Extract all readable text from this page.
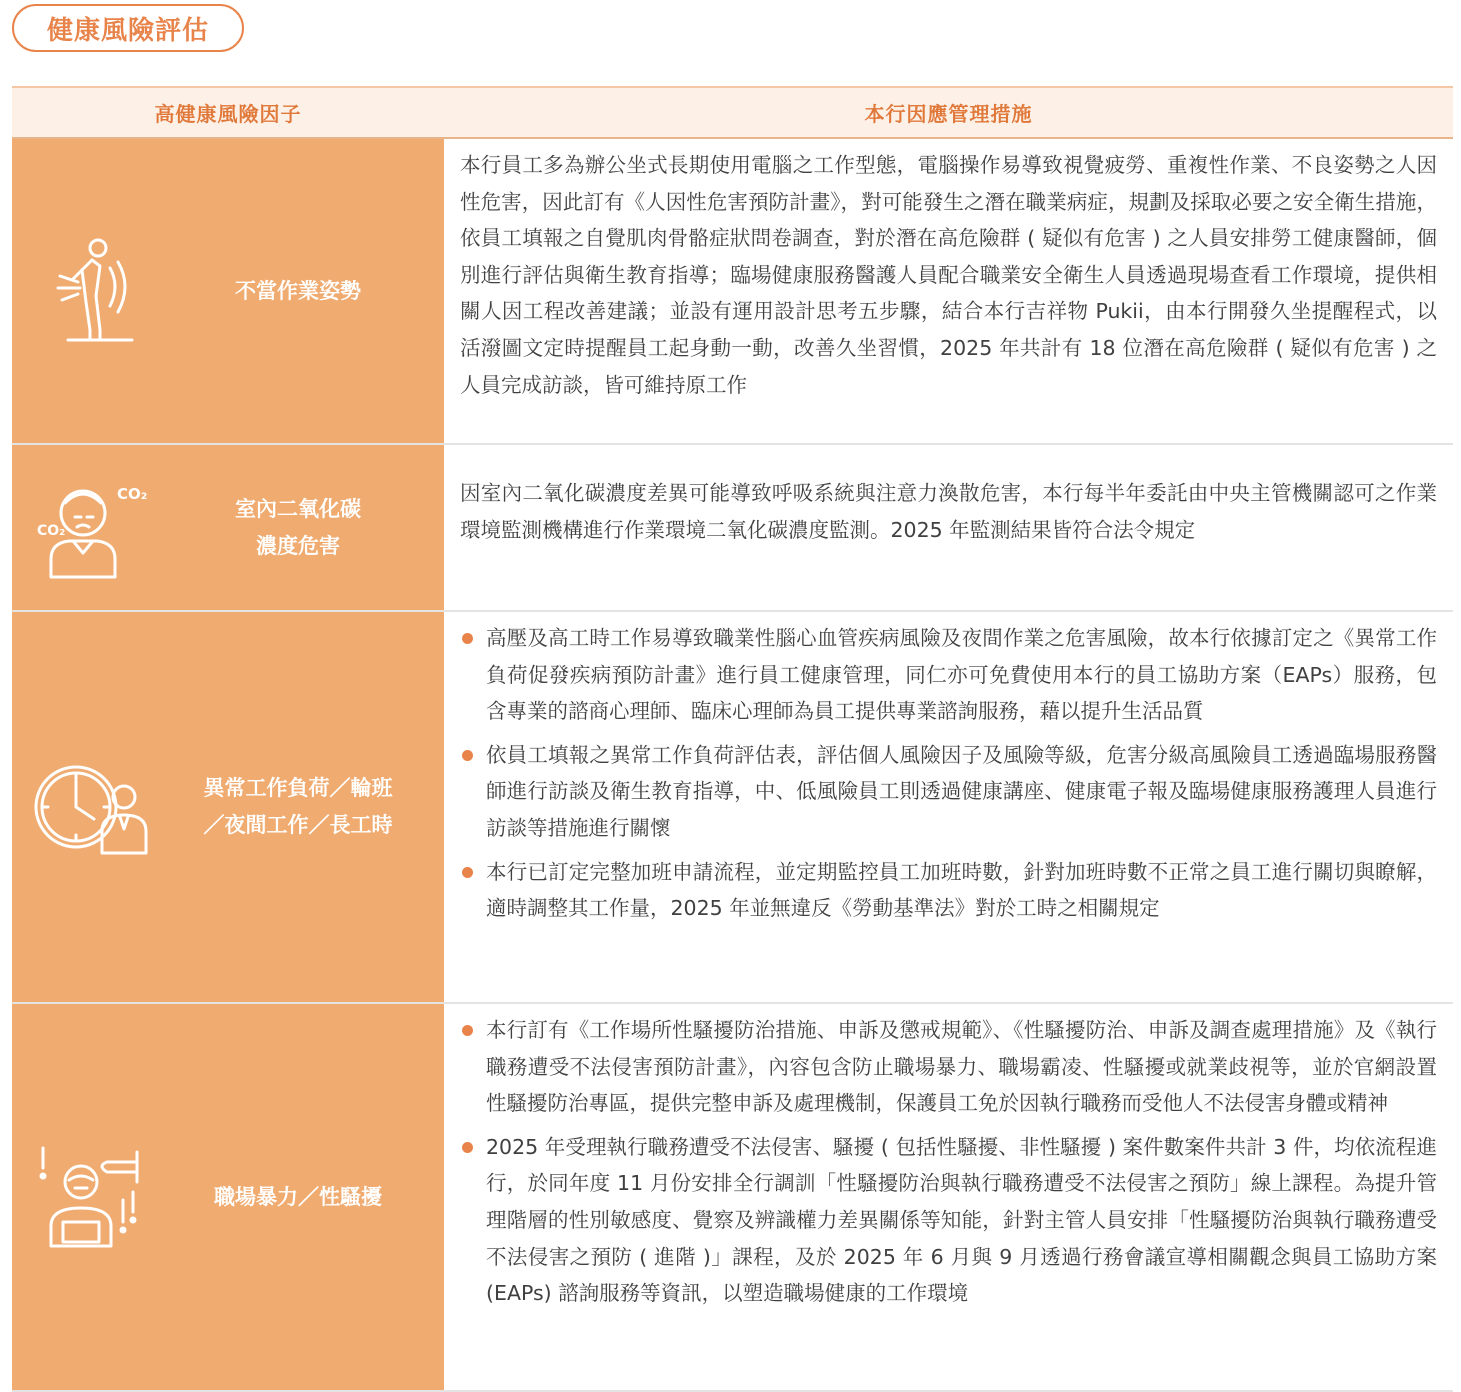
健康風險評估
高健康風險因子	本行因應管理措施
不當作業姿勢

本行員工多為辦公坐式長期使用電腦之工作型態，電腦操作易導致視覺疲勞、重複性作業、不良姿勢之人因性危害，因此訂有《人因性危害預防計畫》，對可能發生之潛在職業病症，規劃及採取必要之安全衛生措施，依員工填報之自覺肌肉骨骼症狀問卷調查，對於潛在高危險群 ( 疑似有危害 ) 之人員安排勞工健康醫師，個別進行評估與衛生教育指導；臨場健康服務醫護人員配合職業安全衛生人員透過現場查看工作環境，提供相關人因工程改善建議；並設有運用設計思考五步驟，結合本行吉祥物 Pukii，由本行開發久坐提醒程式，以活潑圖文定時提醒員工起身動一動，改善久坐習慣，2025 年共計有 18 位潛在高危險群 ( 疑似有危害 ) 之人員完成訪談，皆可維持原工作

CO₂
CO₂
室內二氧化碳
濃度危害

因室內二氧化碳濃度差異可能導致呼吸系統與注意力渙散危害，本行每半年委託由中央主管機關認可之作業環境監測機構進行作業環境二氧化碳濃度監測。2025 年監測結果皆符合法令規定

異常工作負荷／輪班
／夜間工作／長工時
高壓及高工時工作易導致職業性腦心血管疾病風險及夜間作業之危害風險，故本行依據訂定之《異常工作負荷促發疾病預防計畫》進行員工健康管理，同仁亦可免費使用本行的員工協助方案（EAPs）服務，包含專業的諮商心理師、臨床心理師為員工提供專業諮詢服務，藉以提升生活品質
依員工填報之異常工作負荷評估表，評估個人風險因子及風險等級，危害分級高風險員工透過臨場服務醫師進行訪談及衛生教育指導，中、低風險員工則透過健康講座、健康電子報及臨場健康服務護理人員進行訪談等措施進行關懷
本行已訂定完整加班申請流程，並定期監控員工加班時數，針對加班時數不正常之員工進行關切與瞭解，適時調整其工作量，2025 年並無違反《勞動基準法》對於工時之相關規定
職場暴力／性騷擾
本行訂有《工作場所性騷擾防治措施、申訴及懲戒規範》、《性騷擾防治、申訴及調查處理措施》及《執行職務遭受不法侵害預防計畫》，內容包含防止職場暴力、職場霸凌、性騷擾或就業歧視等，並於官網設置性騷擾防治專區，提供完整申訴及處理機制，保護員工免於因執行職務而受他人不法侵害身體或精神
2025 年受理執行職務遭受不法侵害、騷擾 ( 包括性騷擾、非性騷擾 ) 案件數案件共計 3 件，均依流程進行，於同年度 11 月份安排全行調訓「性騷擾防治與執行職務遭受不法侵害之預防」線上課程。為提升管理階層的性別敏感度、覺察及辨識權力差異關係等知能，針對主管人員安排「性騷擾防治與執行職務遭受不法侵害之預防 ( 進階 )」課程，及於 2025 年 6 月與 9 月透過行務會議宣導相關觀念與員工協助方案 (EAPs) 諮詢服務等資訊，以塑造職場健康的工作環境
